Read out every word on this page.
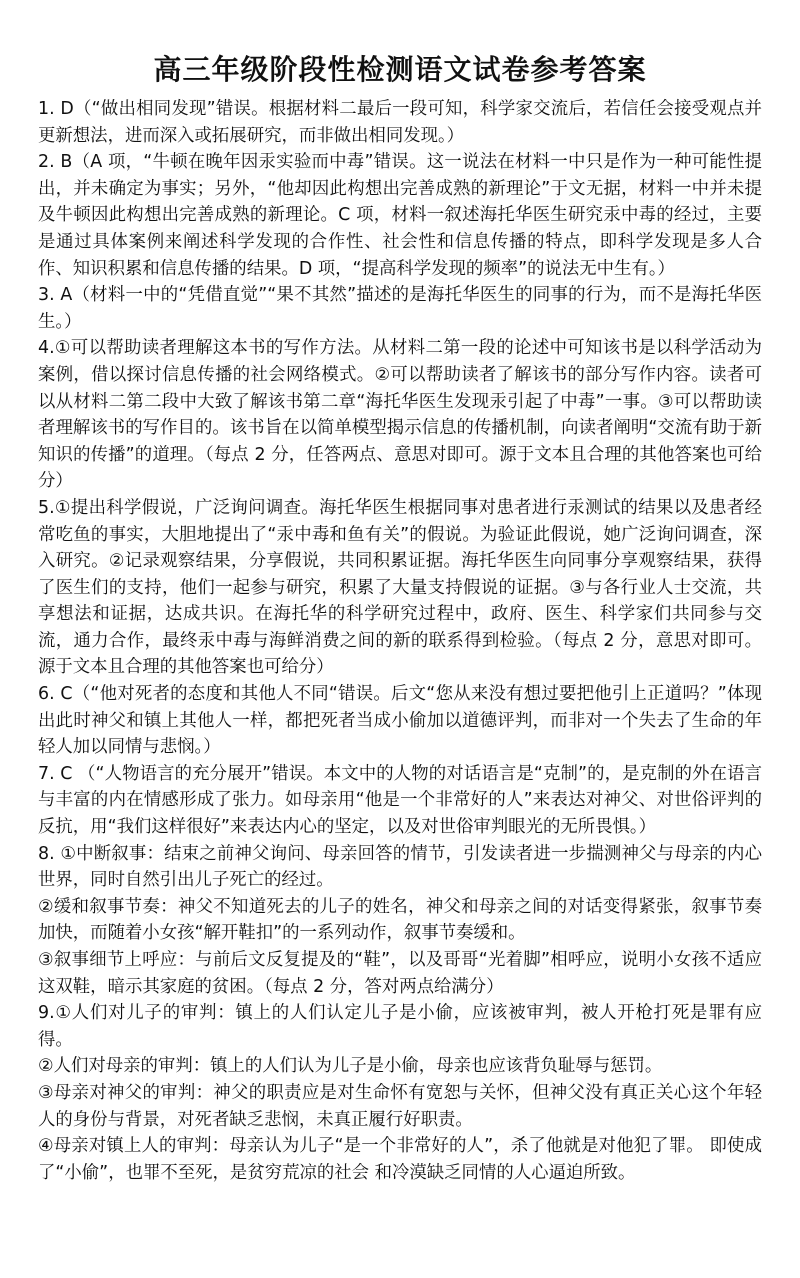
高三年级阶段性检测语文试卷参考答案

1. D（“做出相同发现”错误。根据材料二最后一段可知，科学家交流后，若信任会接受观点并更新想法，进而深入或拓展研究，而非做出相同发现。）

2. B（A 项，“牛顿在晚年因汞实验而中毒”错误。这一说法在材料一中只是作为一种可能性提出，并未确定为事实；另外，“他却因此构想出完善成熟的新理论”于文无据，材料一中并未提及牛顿因此构想出完善成熟的新理论。C 项，材料一叙述海托华医生研究汞中毒的经过，主要是通过具体案例来阐述科学发现的合作性、社会性和信息传播的特点，即科学发现是多人合作、知识积累和信息传播的结果。D 项，“提高科学发现的频率”的说法无中生有。）

3. A（材料一中的“凭借直觉”“果不其然”描述的是海托华医生的同事的行为，而不是海托华医生。）

4.①可以帮助读者理解这本书的写作方法。从材料二第一段的论述中可知该书是以科学活动为案例，借以探讨信息传播的社会网络模式。②可以帮助读者了解该书的部分写作内容。读者可以从材料二第二段中大致了解该书第二章“海托华医生发现汞引起了中毒”一事。③可以帮助读者理解该书的写作目的。该书旨在以简单模型揭示信息的传播机制，向读者阐明“交流有助于新知识的传播”的道理。（每点 2 分，任答两点、意思对即可。源于文本且合理的其他答案也可给分）

5.①提出科学假说，广泛询问调查。海托华医生根据同事对患者进行汞测试的结果以及患者经常吃鱼的事实，大胆地提出了“汞中毒和鱼有关”的假说。为验证此假说，她广泛询问调查，深入研究。②记录观察结果，分享假说，共同积累证据。海托华医生向同事分享观察结果，获得了医生们的支持，他们一起参与研究，积累了大量支持假说的证据。③与各行业人士交流，共享想法和证据，达成共识。在海托华的科学研究过程中，政府、医生、科学家们共同参与交流，通力合作，最终汞中毒与海鲜消费之间的新的联系得到检验。（每点 2 分，意思对即可。源于文本且合理的其他答案也可给分）

6. C（“他对死者的态度和其他人不同“错误。后文“您从来没有想过要把他引上正道吗？”体现出此时神父和镇上其他人一样，都把死者当成小偷加以道德评判，而非对一个失去了生命的年轻人加以同情与悲悯。）

7. C （“人物语言的充分展开”错误。本文中的人物的对话语言是“克制”的，是克制的外在语言与丰富的内在情感形成了张力。如母亲用“他是一个非常好的人”来表达对神父、对世俗评判的反抗，用“我们这样很好”来表达内心的坚定，以及对世俗审判眼光的无所畏惧。）

8. ①中断叙事：结束之前神父询问、母亲回答的情节，引发读者进一步揣测神父与母亲的内心世界，同时自然引出儿子死亡的经过。

②缓和叙事节奏：神父不知道死去的儿子的姓名，神父和母亲之间的对话变得紧张，叙事节奏加快，而随着小女孩“解开鞋扣”的一系列动作，叙事节奏缓和。

③叙事细节上呼应：与前后文反复提及的“鞋”，以及哥哥“光着脚”相呼应，说明小女孩不适应这双鞋，暗示其家庭的贫困。（每点 2 分，答对两点给满分）

9.①人们对儿子的审判：镇上的人们认定儿子是小偷，应该被审判，被人开枪打死是罪有应得。

②人们对母亲的审判：镇上的人们认为儿子是小偷，母亲也应该背负耻辱与惩罚。

③母亲对神父的审判：神父的职责应是对生命怀有宽恕与关怀，但神父没有真正关心这个年轻人的身份与背景，对死者缺乏悲悯，未真正履行好职责。

④母亲对镇上人的审判：母亲认为儿子“是一个非常好的人”，杀了他就是对他犯了罪。 即使成了“小偷”，也罪不至死，是贫穷荒凉的社会 和冷漠缺乏同情的人心逼迫所致。
